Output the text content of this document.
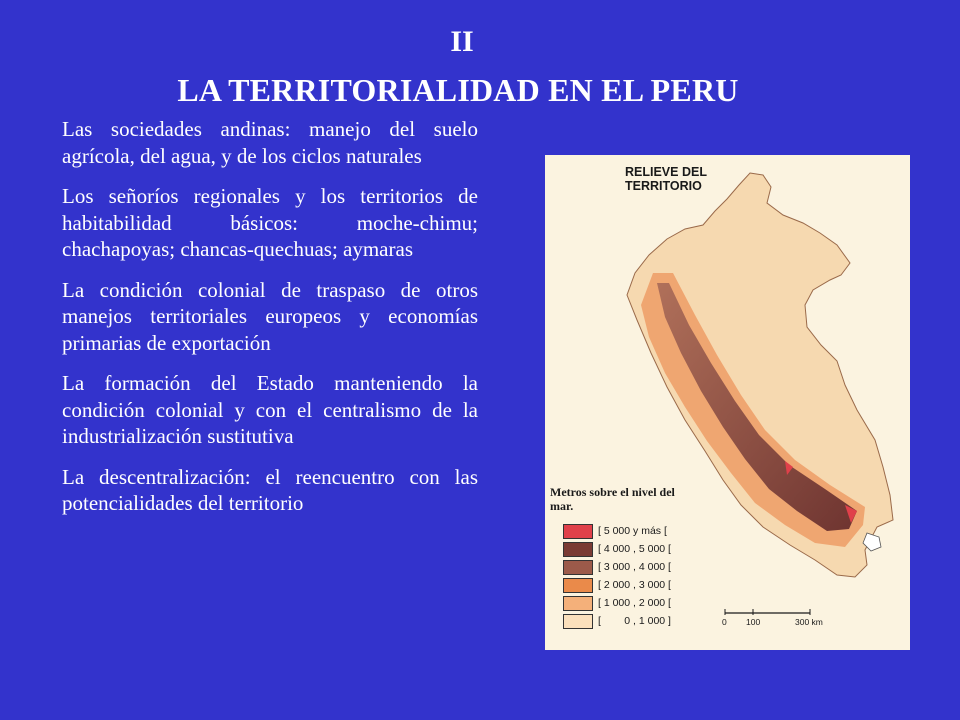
II
LA TERRITORIALIDAD EN EL PERU

Las sociedades andinas: manejo del suelo agrícola, del agua, y de los ciclos naturales

Los señoríos regionales y los territorios de habitabilidad básicos: moche-chimu; chachapoyas; chancas-quechuas; aymaras

La condición colonial de traspaso de otros manejos territoriales europeos y economías primarias de exportación

La formación del Estado manteniendo la condición colonial y con el centralismo de la industrialización sustitutiva

La descentralización: el reencuentro con las potencialidades del territorio

RELIEVE DEL
TERRITORIO
Metros sobre el nivel del mar.
[ 5 000 y más [
[ 4 000 , 5 000 [
[ 3 000 , 4 000 [
[ 2 000 , 3 000 [
[ 1 000 , 2 000 [
[        0 , 1 000 ]	0 100	300 km
